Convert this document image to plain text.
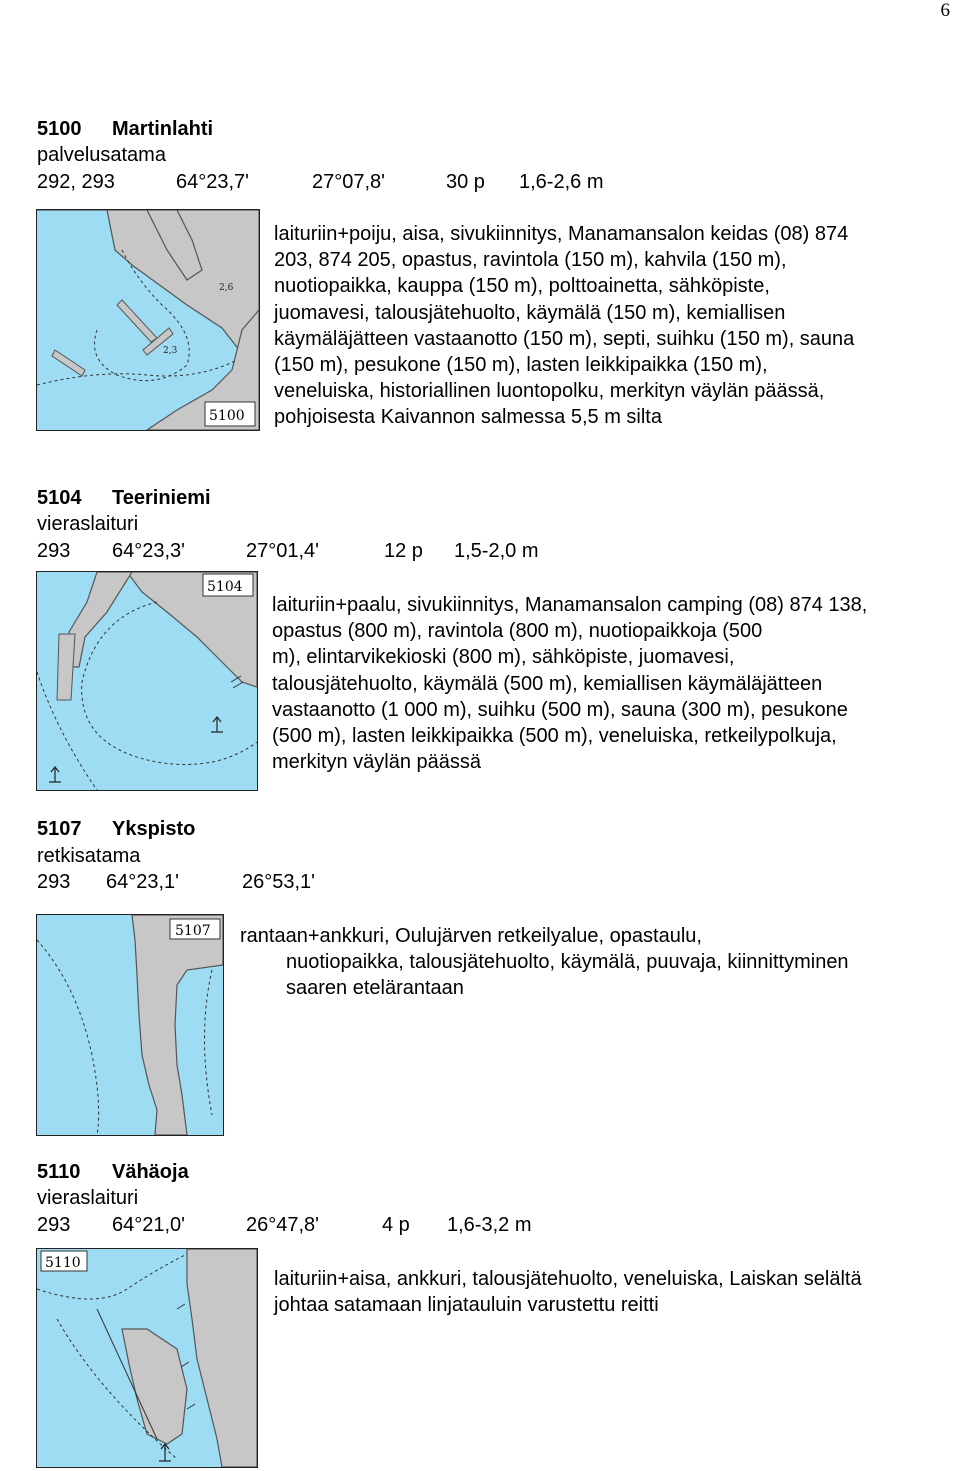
6
5100 Martinlahti
palvelusatama
292, 293	64°23,7'	27°07,8'	30 p 1,6-2,6 m
2,6
2,3
5100
laituriin+poiju, aisa, sivukiinnitys, Manamansalon keidas (08) 874
203, 874 205, opastus, ravintola (150 m), kahvila (150 m),
nuotiopaikka, kauppa (150 m), polttoainetta, sähköpiste,
juomavesi, talousjätehuolto, käymälä (150 m), kemiallisen
käymäläjätteen vastaanotto (150 m), septi, suihku (150 m), sauna
(150 m), pesukone (150 m), lasten leikkipaikka (150 m),
veneluiska, historiallinen luontopolku, merkityn väylän päässä,
pohjoisesta Kaivannon salmessa 5,5 m silta
5104 Teeriniemi
vieraslaituri
293 64°23,3'	27°01,4'	12 p 1,5-2,0 m
5104
laituriin+paalu, sivukiinnitys, Manamansalon camping (08) 874 138,
opastus (800 m), ravintola (800 m), nuotiopaikkoja (500
m), elintarvikekioski (800 m), sähköpiste, juomavesi,
talousjätehuolto, käymälä (500 m), kemiallisen käymäläjätteen
vastaanotto (1 000 m), suihku (500 m), sauna (300 m), pesukone
(500 m), lasten leikkipaikka (500 m), veneluiska, retkeilypolkuja,
merkityn väylän päässä
5107 Ykspisto
retkisatama
293 64°23,1'	26°53,1'
5107 rantaan+ankkuri, Oulujärven retkeilyalue, opastaulu,
nuotiopaikka, talousjätehuolto, käymälä, puuvaja, kiinnittyminen
saaren etelärantaan
5110 Vähäoja
vieraslaituri
293 64°21,0'	26°47,8'	4 p 1,6-3,2 m
5110
laituriin+aisa, ankkuri, talousjätehuolto, veneluiska, Laiskan selältä
johtaa satamaan linjatauluin varustettu reitti
